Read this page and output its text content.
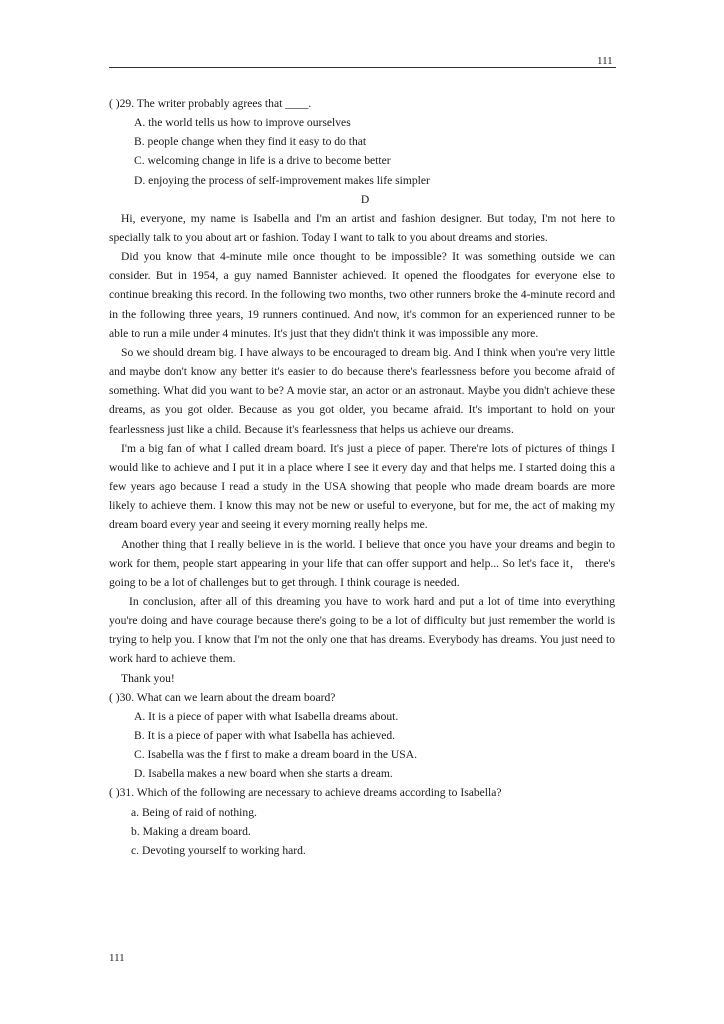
111
( )29. The writer probably agrees that ____.
A. the world tells us how to improve ourselves
B. people change when they find it easy to do that
C. welcoming change in life is a drive to become better
D. enjoying the process of self-improvement makes life simpler
D
Hi, everyone, my name is Isabella and I'm an artist and fashion designer. But today, I'm not here to specially talk to you about art or fashion. Today I want to talk to you about dreams and stories.
Did you know that 4-minute mile once thought to be impossible? It was something outside we can consider. But in 1954, a guy named Bannister achieved. It opened the floodgates for everyone else to continue breaking this record. In the following two months, two other runners broke the 4-minute record and in the following three years, 19 runners continued. And now, it's common for an experienced runner to be able to run a mile under 4 minutes. It's just that they didn't think it was impossible any more.
So we should dream big. I have always to be encouraged to dream big. And I think when you're very little and maybe don't know any better it's easier to do because there's fearlessness before you become afraid of something. What did you want to be? A movie star, an actor or an astronaut. Maybe you didn't achieve these dreams, as you got older. Because as you got older, you became afraid. It's important to hold on your fearlessness just like a child. Because it's fearlessness that helps us achieve our dreams.
I'm a big fan of what I called dream board. It's just a piece of paper. There're lots of pictures of things I would like to achieve and I put it in a place where I see it every day and that helps me. I started doing this a few years ago because I read a study in the USA showing that people who made dream boards are more likely to achieve them. I know this may not be new or useful to everyone, but for me, the act of making my dream board every year and seeing it every morning really helps me.
Another thing that I really believe in is the world. I believe that once you have your dreams and begin to work for them, people start appearing in your life that can offer support and help... So let's face it， there's going to be a lot of challenges but to get through. I think courage is needed.
In conclusion, after all of this dreaming you have to work hard and put a lot of time into everything you're doing and have courage because there's going to be a lot of difficulty but just remember the world is trying to help you. I know that I'm not the only one that has dreams. Everybody has dreams. You just need to work hard to achieve them.
Thank you!
( )30. What can we learn about the dream board?
A. It is a piece of paper with what Isabella dreams about.
B. It is a piece of paper with what Isabella has achieved.
C. Isabella was the f first to make a dream board in the USA.
D. Isabella makes a new board when she starts a dream.
( )31. Which of the following are necessary to achieve dreams according to Isabella?
a. Being of raid of nothing.
b. Making a dream board.
c. Devoting yourself to working hard.
111
